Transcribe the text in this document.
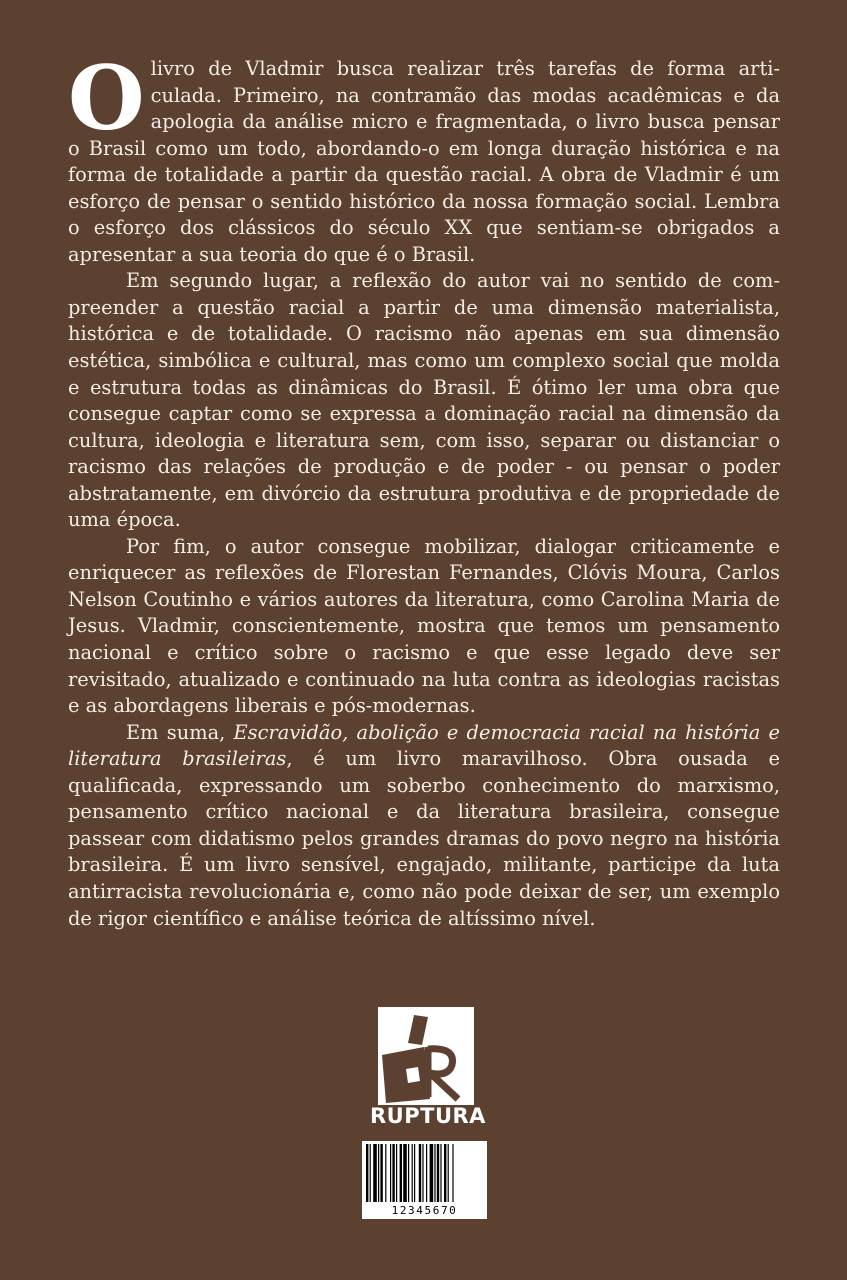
Olivro de Vladmir busca realizar três tarefas de forma articulada. Primeiro, na contramão das modas acadêmicas e da apologia da análise micro e fragmentada, o livro busca pensar o Brasil como um todo, abordando-o em longa duração histórica e na forma de totalidade a partir da questão racial. A obra de Vladmir é um esforço de pensar o sentido histórico da nossa formação social. Lembra o esforço dos clássicos do século XX que sentiam-se obrigados a apresentar a sua teoria do que é o Brasil.

Em segundo lugar, a reflexão do autor vai no sentido de compreender a questão racial a partir de uma dimensão materialista, histórica e de totalidade. O racismo não apenas em sua dimensão estética, simbólica e cultural, mas como um complexo social que molda e estrutura todas as dinâmicas do Brasil. É ótimo ler uma obra que consegue captar como se expressa a dominação racial na dimensão da cultura, ideologia e literatura sem, com isso, separar ou distanciar o racismo das relações de produção e de poder - ou pensar o poder abstratamente, em divórcio da estrutura produtiva e de propriedade de uma época.

Por fim, o autor consegue mobilizar, dialogar criticamente e enriquecer as reflexões de Florestan Fernandes, Clóvis Moura, Carlos Nelson Coutinho e vários autores da literatura, como Carolina Maria de Jesus. Vladmir, conscientemente, mostra que temos um pensamento nacional e crítico sobre o racismo e que esse legado deve ser revisitado, atualizado e continuado na luta contra as ideologias racistas e as abordagens liberais e pós-modernas.

Em suma, Escravidão, abolição e democracia racial na história e literatura brasileiras, é um livro maravilhoso. Obra ousada e qualificada, expressando um soberbo conhecimento do marxismo, pensamento crítico nacional e da literatura brasileira, consegue passear com didatismo pelos grandes dramas do povo negro na história brasileira. É um livro sensível, engajado, militante, participe da luta antirracista revolucionária e, como não pode deixar de ser, um exemplo de rigor científico e análise teórica de altíssimo nível.

RUPTURA
12345670
